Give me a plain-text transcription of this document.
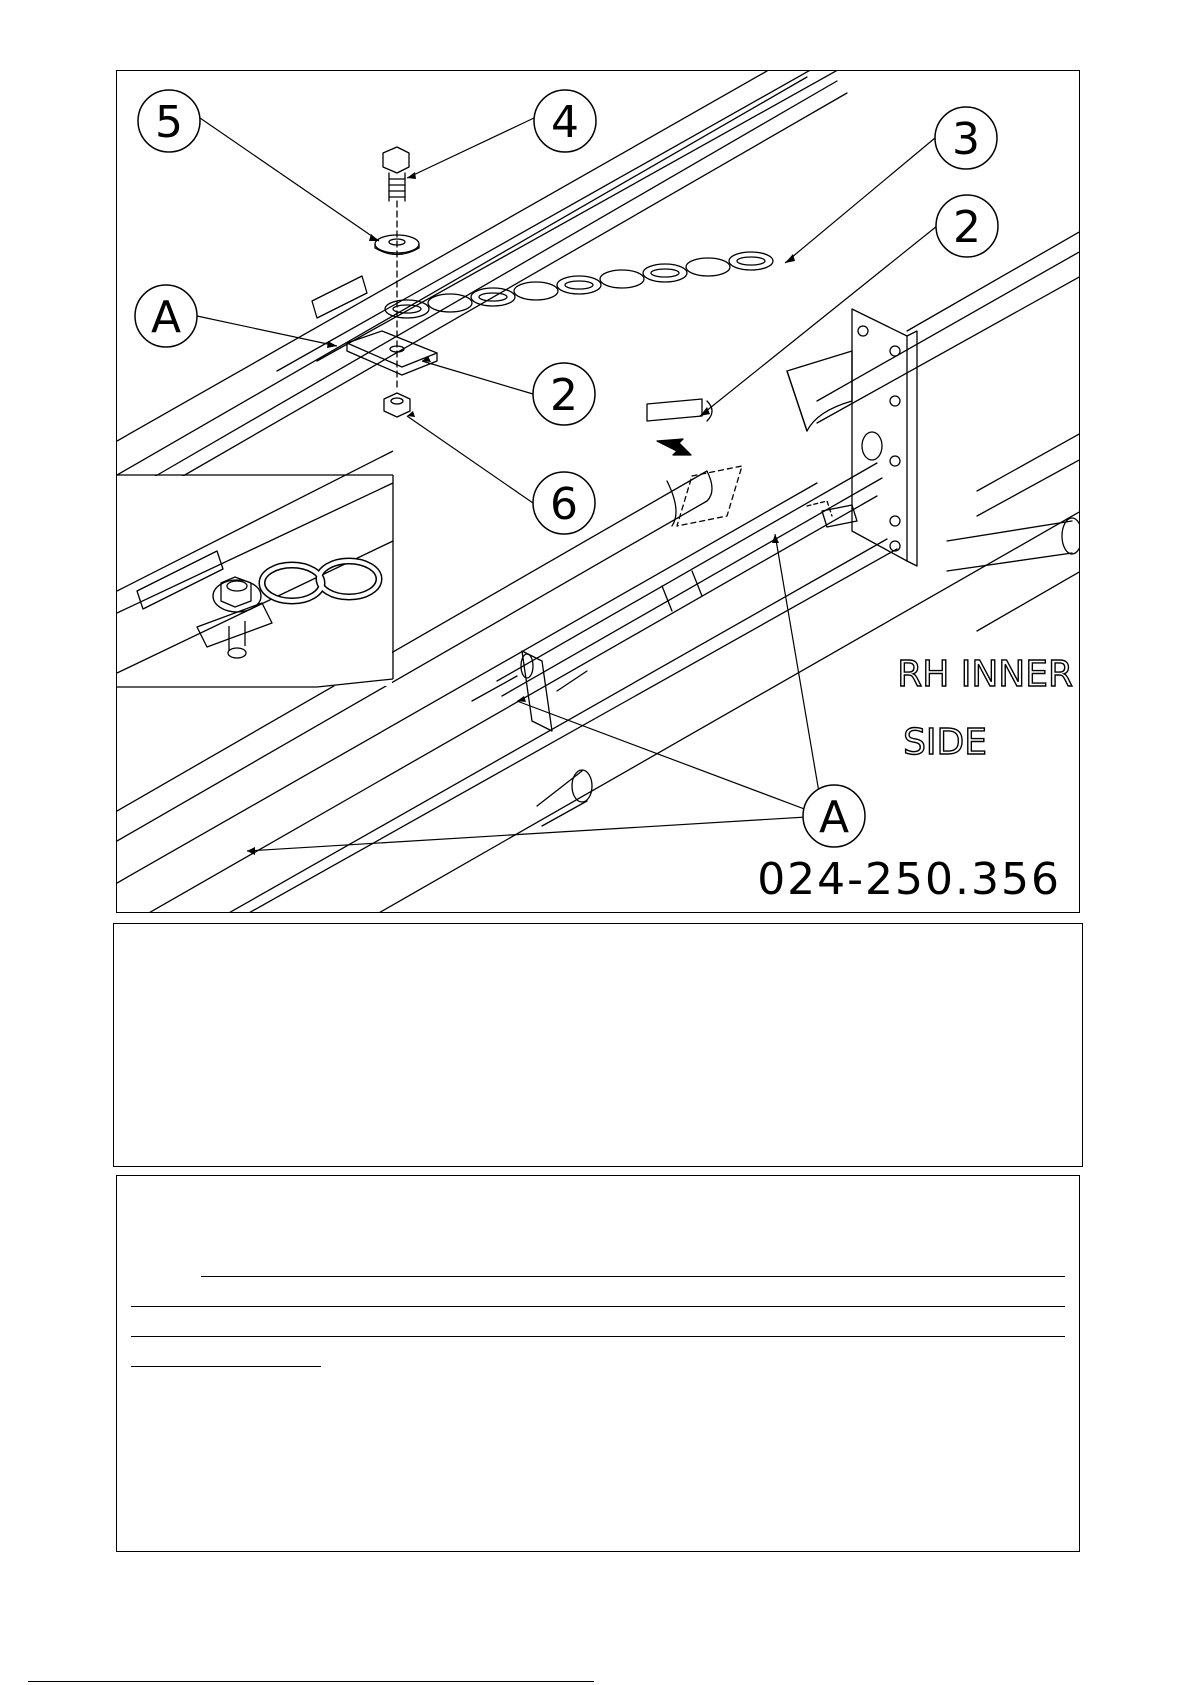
5	4	3
2
A
2
6
A
RH INNER
SIDE
024-250.356
